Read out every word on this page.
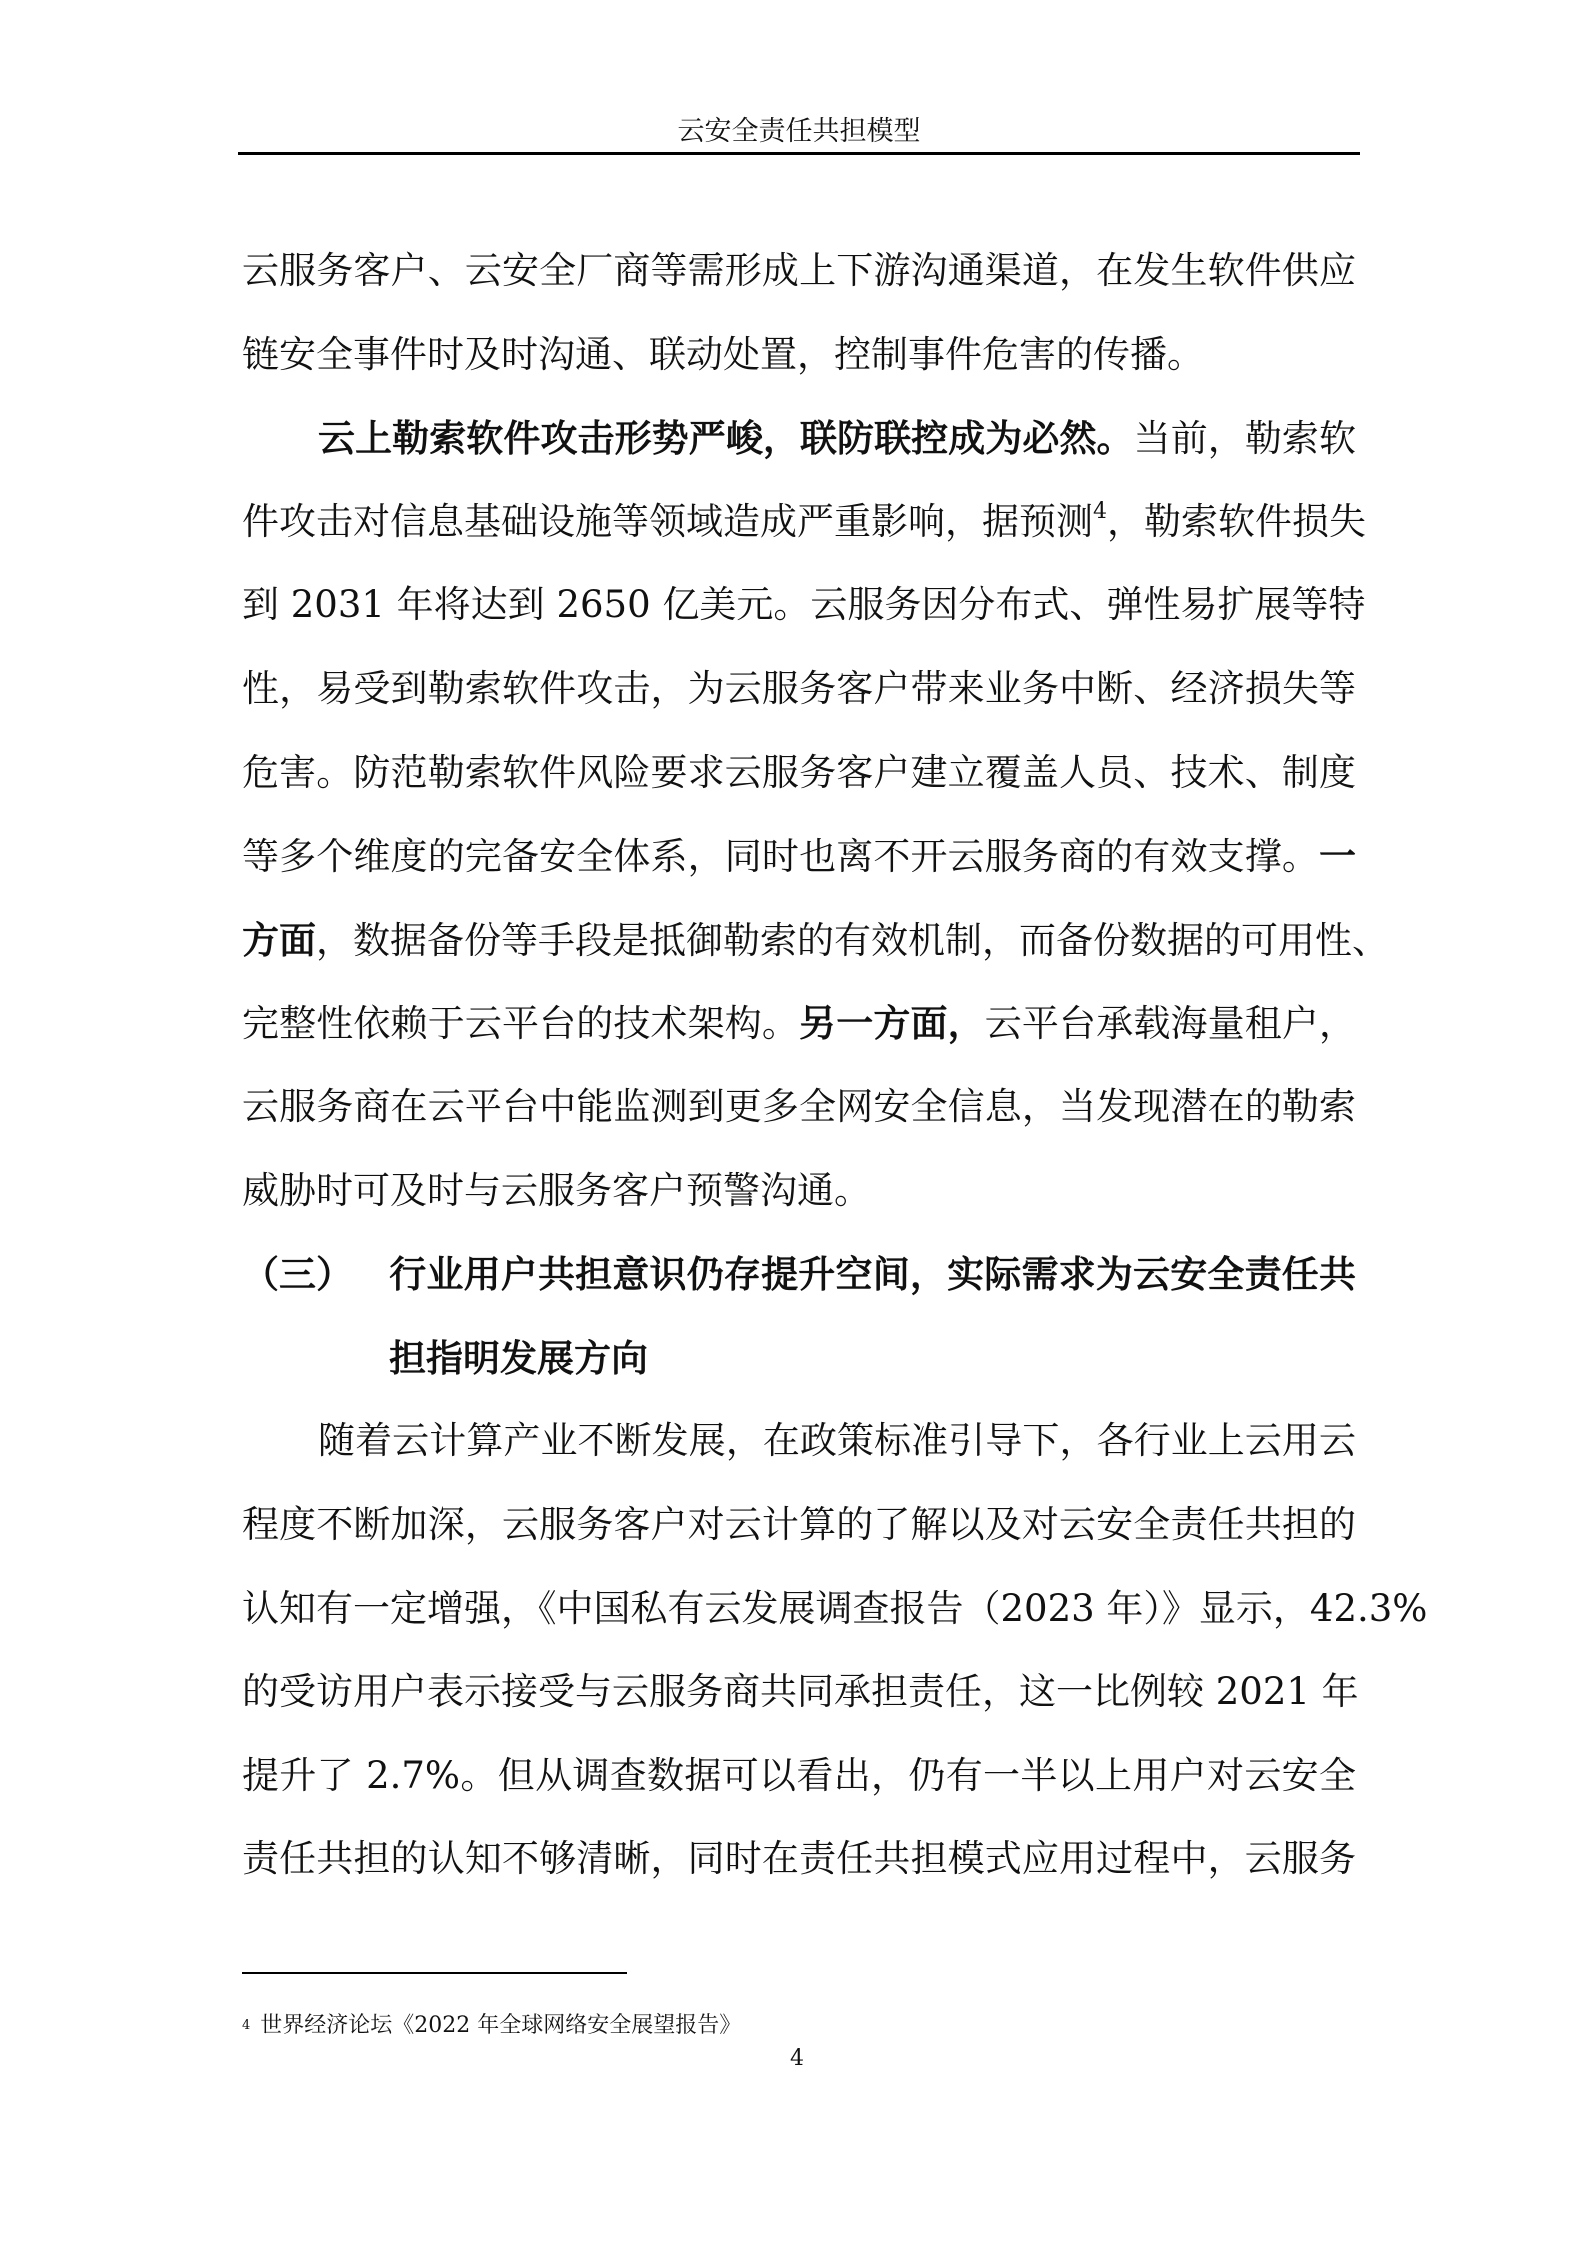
云安全责任共担模型
云服务客户、云安全厂商等需形成上下游沟通渠道，在发生软件供应
链安全事件时及时沟通、联动处置，控制事件危害的传播。
云上勒索软件攻击形势严峻，联防联控成为必然。当前，勒索软
件攻击对信息基础设施等领域造成严重影响，据预测$^4$，勒索软件损失
到 2031 年将达到 2650 亿美元。云服务因分布式、弹性易扩展等特
性，易受到勒索软件攻击，为云服务客户带来业务中断、经济损失等
危害。防范勒索软件风险要求云服务客户建立覆盖人员、技术、制度
等多个维度的完备安全体系，同时也离不开云服务商的有效支撑。一
方面，数据备份等手段是抵御勒索的有效机制，而备份数据的可用性、
完整性依赖于云平台的技术架构。另一方面，云平台承载海量租户，
云服务商在云平台中能监测到更多全网安全信息，当发现潜在的勒索
威胁时可及时与云服务客户预警沟通。
（三） 行业用户共担意识仍存提升空间，实际需求为云安全责任共
担指明发展方向
随着云计算产业不断发展，在政策标准引导下，各行业上云用云
程度不断加深，云服务客户对云计算的了解以及对云安全责任共担的
认知有一定增强，《中国私有云发展调查报告（2023 年）》显示，42.3%
的受访用户表示接受与云服务商共同承担责任，这一比例较 2021 年
提升了 2.7%。但从调查数据可以看出，仍有一半以上用户对云安全
责任共担的认知不够清晰，同时在责任共担模式应用过程中，云服务
$^4$ 世界经济论坛《2022 年全球网络安全展望报告》
4
